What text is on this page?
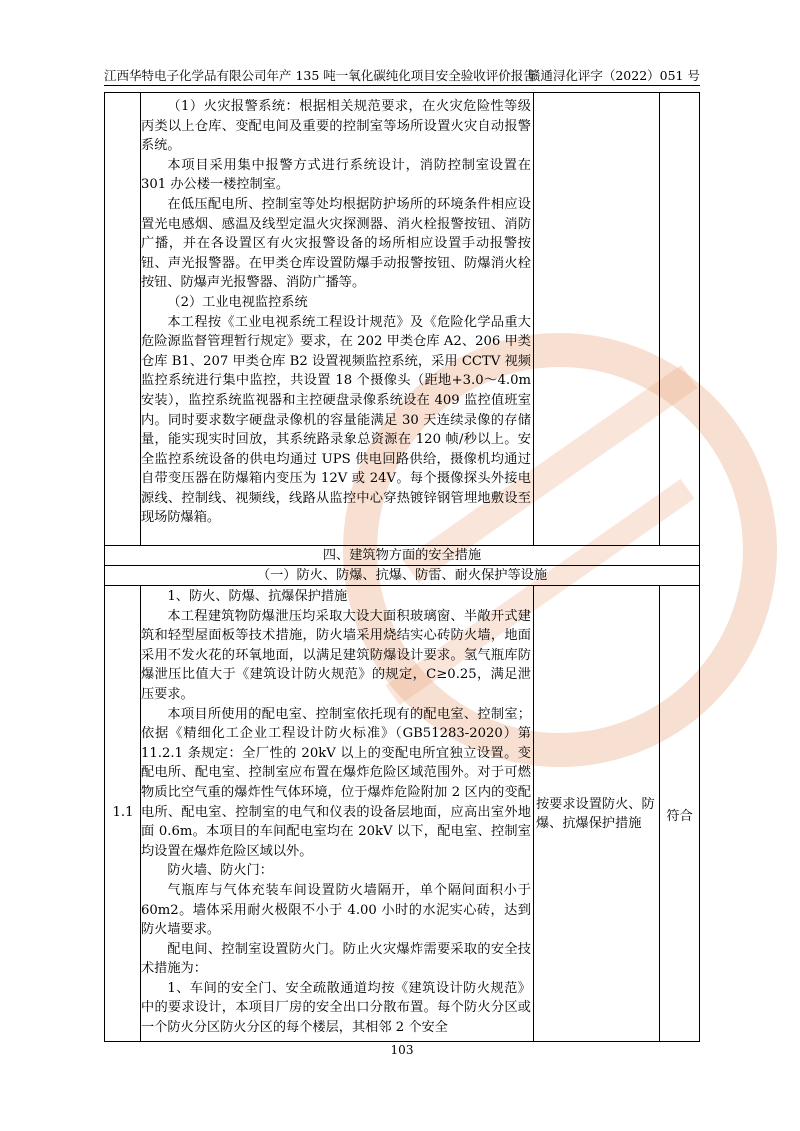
江西华特电子化学品有限公司年产 135 吨一氧化碳纯化项目安全验收评价报告
赣通浔化评字（2022）051 号

（1）火灾报警系统：根据相关规范要求，在火灾危险性等级丙类以上仓库、变配电间及重要的控制室等场所设置火灾自动报警系统。

本项目采用集中报警方式进行系统设计，消防控制室设置在 301 办公楼一楼控制室。

在低压配电所、控制室等处均根据防护场所的环境条件相应设置光电感烟、感温及线型定温火灾探测器、消火栓报警按钮、消防广播，并在各设置区有火灾报警设备的场所相应设置手动报警按钮、声光报警器。在甲类仓库设置防爆手动报警按钮、防爆消火栓按钮、防爆声光报警器、消防广播等。

（2）工业电视监控系统

本工程按《工业电视系统工程设计规范》及《危险化学品重大危险源监督管理暂行规定》要求，在 202 甲类仓库 A2、206 甲类仓库 B1、207 甲类仓库 B2 设置视频监控系统，采用 CCTV 视频监控系统进行集中监控，共设置 18 个摄像头（距地+3.0～4.0m 安装），监控系统监视器和主控硬盘录像系统设在 409 监控值班室内。同时要求数字硬盘录像机的容量能满足 30 天连续录像的存储量，能实现实时回放，其系统路录象总资源在 120 帧/秒以上。安全监控系统设备的供电均通过 UPS 供电回路供给，摄像机均通过自带变压器在防爆箱内变压为 12V 或 24V。每个摄像探头外接电源线、控制线、视频线，线路从监控中心穿热镀锌钢管埋地敷设至现场防爆箱。

四、建筑物方面的安全措施
（一）防火、防爆、抗爆、防雷、耐火保护等设施
1.1

1、防火、防爆、抗爆保护措施

本工程建筑物防爆泄压均采取大设大面积玻璃窗、半敞开式建筑和轻型屋面板等技术措施，防火墙采用烧结实心砖防火墙，地面采用不发火花的环氧地面，以满足建筑防爆设计要求。氢气瓶库防爆泄压比值大于《建筑设计防火规范》的规定，C≥0.25，满足泄压要求。

本项目所使用的配电室、控制室依托现有的配电室、控制室；依据《精细化工企业工程设计防火标准》（GB51283-2020）第 11.2.1 条规定：全厂性的 20kV 以上的变配电所宜独立设置。变配电所、配电室、控制室应布置在爆炸危险区域范围外。对于可燃物质比空气重的爆炸性气体环境，位于爆炸危险附加 2 区内的变配电所、配电室、控制室的电气和仪表的设备层地面，应高出室外地面 0.6m。本项目的车间配电室均在 20kV 以下，配电室、控制室均设置在爆炸危险区域以外。

防火墙、防火门：

气瓶库与气体充装车间设置防火墙隔开，单个隔间面积小于 60m2。墙体采用耐火极限不小于 4.00 小时的水泥实心砖，达到防火墙要求。

配电间、控制室设置防火门。防止火灾爆炸需要采取的安全技术措施为：

1、车间的安全门、安全疏散通道均按《建筑设计防火规范》中的要求设计，本项目厂房的安全出口分散布置。每个防火分区或一个防火分区防火分区的每个楼层，其相邻 2 个安全

按要求设置防火、防爆、抗爆保护措施	符合
103
